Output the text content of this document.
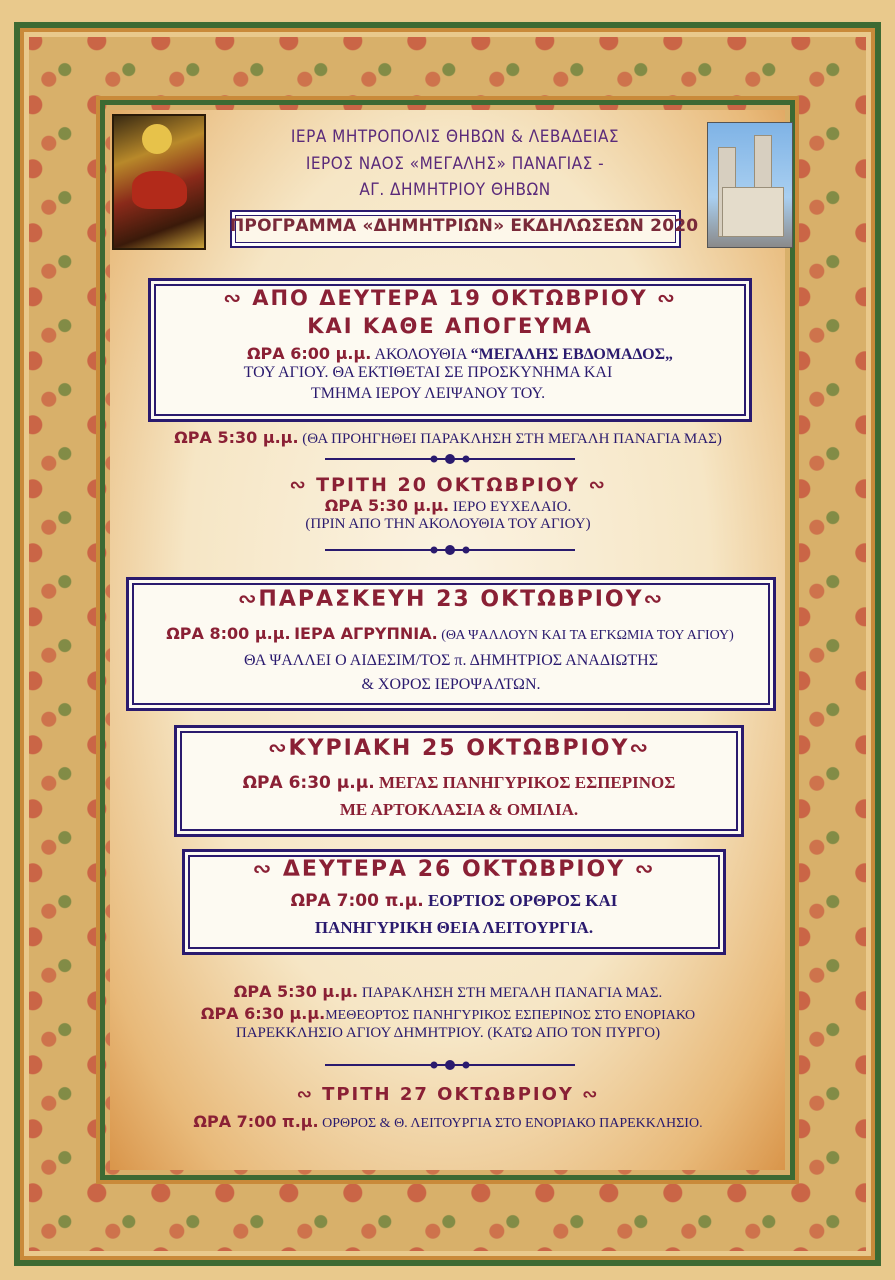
ΙΕΡΑ ΜΗΤΡΟΠΟΛΙΣ ΘΗΒΩΝ & ΛΕΒΑΔΕΙΑΣ
ΙΕΡΟΣ ΝΑΟΣ «ΜΕΓΑΛΗΣ» ΠΑΝΑΓΙΑΣ -
ΑΓ. ΔΗΜΗΤΡΙΟΥ ΘΗΒΩΝ
ΠΡΟΓΡΑΜΜΑ «ΔΗΜΗΤΡΙΩΝ» ΕΚΔΗΛΩΣΕΩΝ 2020
∾ ΑΠΟ ΔΕΥΤΕΡΑ 19 ΟΚΤΩΒΡΙΟΥ ∾
ΚΑΙ ΚΑΘΕ ΑΠΟΓΕΥΜΑ
ΩΡΑ 6:00 μ.μ. ΑΚΟΛΟΥΘΙΑ “ΜΕΓΑΛΗΣ ΕΒΔΟΜΑΔΟΣ„
ΤΟΥ ΑΓΙΟΥ. ΘΑ ΕΚΤΙΘΕΤΑΙ ΣΕ ΠΡΟΣΚΥΝΗΜΑ ΚΑΙ
ΤΜΗΜΑ ΙΕΡΟΥ ΛΕΙΨΑΝΟΥ ΤΟΥ.
ΩΡΑ 5:30 μ.μ. (ΘΑ ΠΡΟΗΓΗΘΕΙ ΠΑΡΑΚΛΗΣΗ ΣΤΗ ΜΕΓΑΛΗ ΠΑΝΑΓΙΑ ΜΑΣ)
∾ ΤΡΙΤΗ 20 ΟΚΤΩΒΡΙΟΥ ∾
ΩΡΑ 5:30 μ.μ. ΙΕΡΟ ΕΥΧΕΛΑΙΟ.
(ΠΡΙΝ ΑΠΟ ΤΗΝ ΑΚΟΛΟΥΘΙΑ ΤΟΥ ΑΓΙΟΥ)
∾ΠΑΡΑΣΚΕΥΗ 23 ΟΚΤΩΒΡΙΟΥ∾
ΩΡΑ 8:00 μ.μ. ΙΕΡΑ ΑΓΡΥΠΝΙΑ. (ΘΑ ΨΑΛΛΟΥΝ ΚΑΙ ΤΑ ΕΓΚΩΜΙΑ ΤΟΥ ΑΓΙΟΥ)
ΘΑ ΨΑΛΛΕΙ Ο ΑΙΔΕΣΙΜ/ΤΟΣ π. ΔΗΜΗΤΡΙΟΣ ΑΝΑΔΙΩΤΗΣ
& ΧΟΡΟΣ ΙΕΡΟΨΑΛΤΩΝ.
∾ΚΥΡΙΑΚΗ 25 ΟΚΤΩΒΡΙΟΥ∾
ΩΡΑ 6:30 μ.μ. ΜΕΓΑΣ ΠΑΝΗΓΥΡΙΚΟΣ ΕΣΠΕΡΙΝΟΣ
ΜΕ ΑΡΤΟΚΛΑΣΙΑ & ΟΜΙΛΙΑ.
∾ ΔΕΥΤΕΡΑ 26 ΟΚΤΩΒΡΙΟΥ ∾
ΩΡΑ 7:00 π.μ. ΕΟΡΤΙΟΣ ΟΡΘΡΟΣ ΚΑΙ
ΠΑΝΗΓΥΡΙΚΗ ΘΕΙΑ ΛΕΙΤΟΥΡΓΙΑ.
ΩΡΑ 5:30 μ.μ. ΠΑΡΑΚΛΗΣΗ ΣΤΗ ΜΕΓΑΛΗ ΠΑΝΑΓΙΑ ΜΑΣ.
ΩΡΑ 6:30 μ.μ.ΜΕΘΕΟΡΤΟΣ ΠΑΝΗΓΥΡΙΚΟΣ ΕΣΠΕΡΙΝΟΣ ΣΤΟ ΕΝΟΡΙΑΚΟ
ΠΑΡΕΚΚΛΗΣΙΟ ΑΓΙΟΥ ΔΗΜΗΤΡΙΟΥ. (ΚΑΤΩ ΑΠΟ ΤΟΝ ΠΥΡΓΟ)
∾ ΤΡΙΤΗ 27 ΟΚΤΩΒΡΙΟΥ ∾
ΩΡΑ 7:00 π.μ. ΟΡΘΡΟΣ & Θ. ΛΕΙΤΟΥΡΓΙΑ ΣΤΟ ΕΝΟΡΙΑΚΟ ΠΑΡΕΚΚΛΗΣΙΟ.
